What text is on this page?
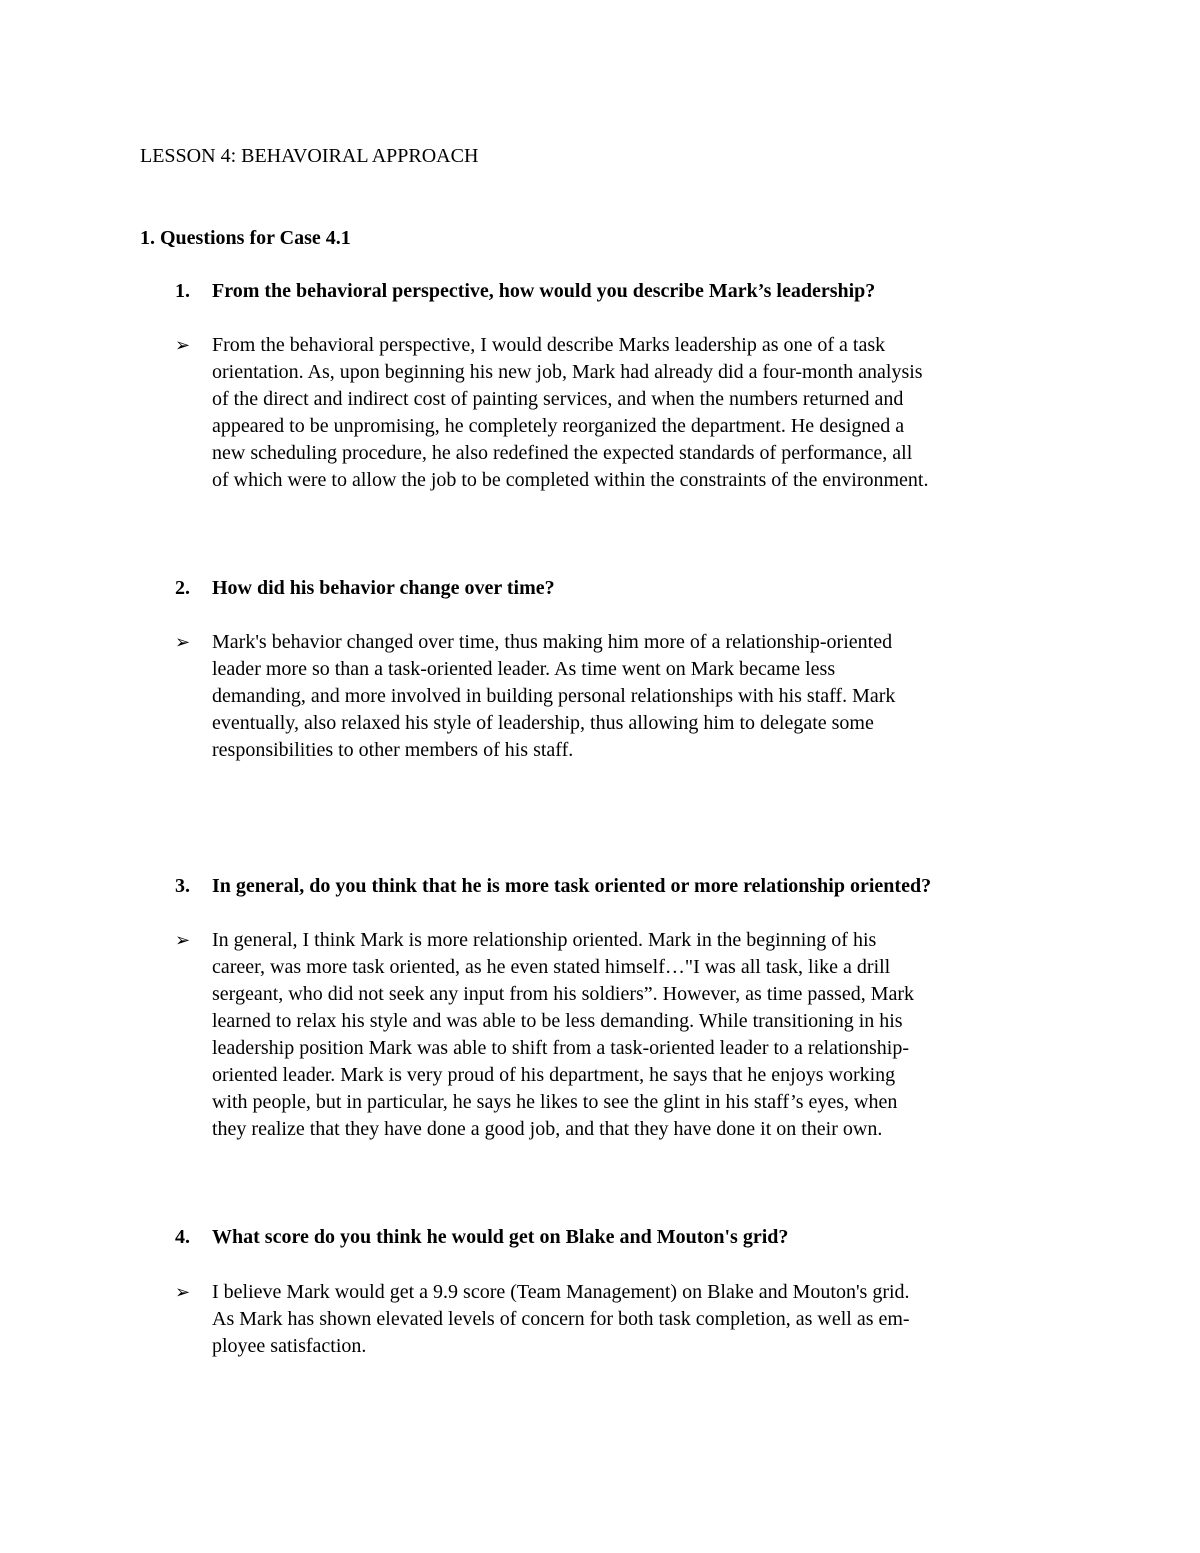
LESSON 4: BEHAVOIRAL APPROACH
1. Questions for Case 4.1
1. From the behavioral perspective, how would you describe Mark’s leadership?
➢	From the behavioral perspective, I would describe Marks leadership as one of a task
orientation. As, upon beginning his new job, Mark had already did a four-month analysis
of the direct and indirect cost of painting services, and when the numbers returned and
appeared to be unpromising, he completely reorganized the department. He designed a
new scheduling procedure, he also redefined the expected standards of performance, all
of which were to allow the job to be completed within the constraints of the environment.
2. How did his behavior change over time?
➢	Mark's behavior changed over time, thus making him more of a relationship-oriented
leader more so than a task-oriented leader. As time went on Mark became less
demanding, and more involved in building personal relationships with his staff. Mark
eventually, also relaxed his style of leadership, thus allowing him to delegate some
responsibilities to other members of his staff.
3. In general, do you think that he is more task oriented or more relationship oriented?
➢	In general, I think Mark is more relationship oriented. Mark in the beginning of his
career, was more task oriented, as he even stated himself…"I was all task, like a drill
sergeant, who did not seek any input from his soldiers”. However, as time passed, Mark
learned to relax his style and was able to be less demanding. While transitioning in his
leadership position Mark was able to shift from a task-oriented leader to a relationship-
oriented leader. Mark is very proud of his department, he says that he enjoys working
with people, but in particular, he says he likes to see the glint in his staff’s eyes, when
they realize that they have done a good job, and that they have done it on their own.
4. What score do you think he would get on Blake and Mouton's grid?
➢	I believe Mark would get a 9.9 score (Team Management) on Blake and Mouton's grid.
As Mark has shown elevated levels of concern for both task completion, as well as em-
ployee satisfaction.
